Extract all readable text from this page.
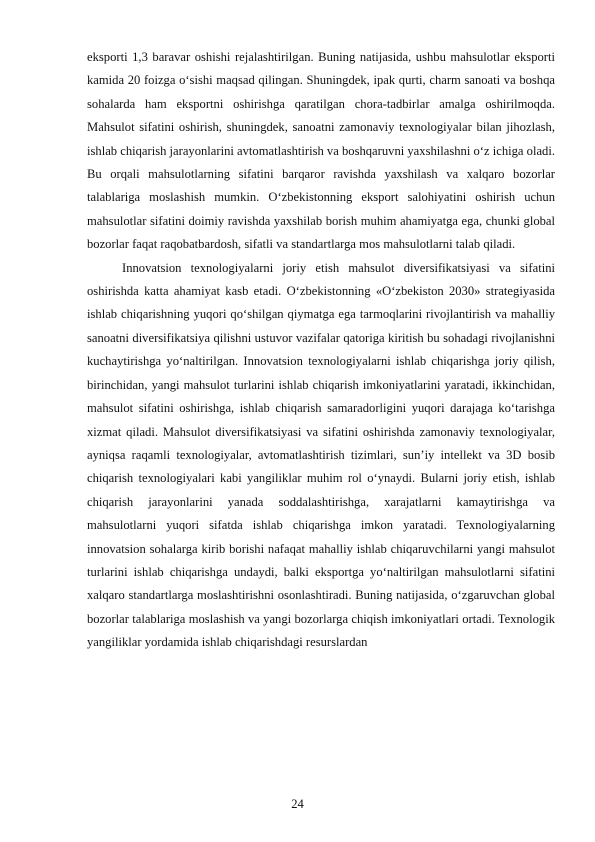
eksporti 1,3 baravar oshishi rejalashtirilgan. Buning natijasida, ushbu mahsulotlar eksporti kamida 20 foizga o‘sishi maqsad qilingan. Shuningdek, ipak qurti, charm sanoati va boshqa sohalarda ham eksportni oshirishga qaratilgan chora-tadbirlar amalga oshirilmoqda. Mahsulot sifatini oshirish, shuningdek, sanoatni zamonaviy texnologiyalar bilan jihozlash, ishlab chiqarish jarayonlarini avtomatlashtirish va boshqaruvni yaxshilashni o‘z ichiga oladi. Bu orqali mahsulotlarning sifatini barqaror ravishda yaxshilash va xalqaro bozorlar talablariga moslashish mumkin. O‘zbekistonning eksport salohiyatini oshirish uchun mahsulotlar sifatini doimiy ravishda yaxshilab borish muhim ahamiyatga ega, chunki global bozorlar faqat raqobatbardosh, sifatli va standartlarga mos mahsulotlarni talab qiladi.

Innovatsion texnologiyalarni joriy etish mahsulot diversifikatsiyasi va sifatini oshirishda katta ahamiyat kasb etadi. O‘zbekistonning «O‘zbekiston 2030» strategiyasida ishlab chiqarishning yuqori qo‘shilgan qiymatga ega tarmoqlarini rivojlantirish va mahalliy sanoatni diversifikatsiya qilishni ustuvor vazifalar qatoriga kiritish bu sohadagi rivojlanishni kuchaytirishga yo‘naltirilgan. Innovatsion texnologiyalarni ishlab chiqarishga joriy qilish, birinchidan, yangi mahsulot turlarini ishlab chiqarish imkoniyatlarini yaratadi, ikkinchidan, mahsulot sifatini oshirishga, ishlab chiqarish samaradorligini yuqori darajaga ko‘tarishga xizmat qiladi. Mahsulot diversifikatsiyasi va sifatini oshirishda zamonaviy texnologiyalar, ayniqsa raqamli texnologiyalar, avtomatlashtirish tizimlari, sun’iy intellekt va 3D bosib chiqarish texnologiyalari kabi yangiliklar muhim rol o‘ynaydi. Bularni joriy etish, ishlab chiqarish jarayonlarini yanada soddalashtirishga, xarajatlarni kamaytirishga va mahsulotlarni yuqori sifatda ishlab chiqarishga imkon yaratadi. Texnologiyalarning innovatsion sohalarga kirib borishi nafaqat mahalliy ishlab chiqaruvchilarni yangi mahsulot turlarini ishlab chiqarishga undaydi, balki eksportga yo‘naltirilgan mahsulotlarni sifatini xalqaro standartlarga moslashtirishni osonlashtiradi. Buning natijasida, o‘zgaruvchan global bozorlar talablariga moslashish va yangi bozorlarga chiqish imkoniyatlari ortadi. Texnologik yangiliklar yordamida ishlab chiqarishdagi resurslardan

24
